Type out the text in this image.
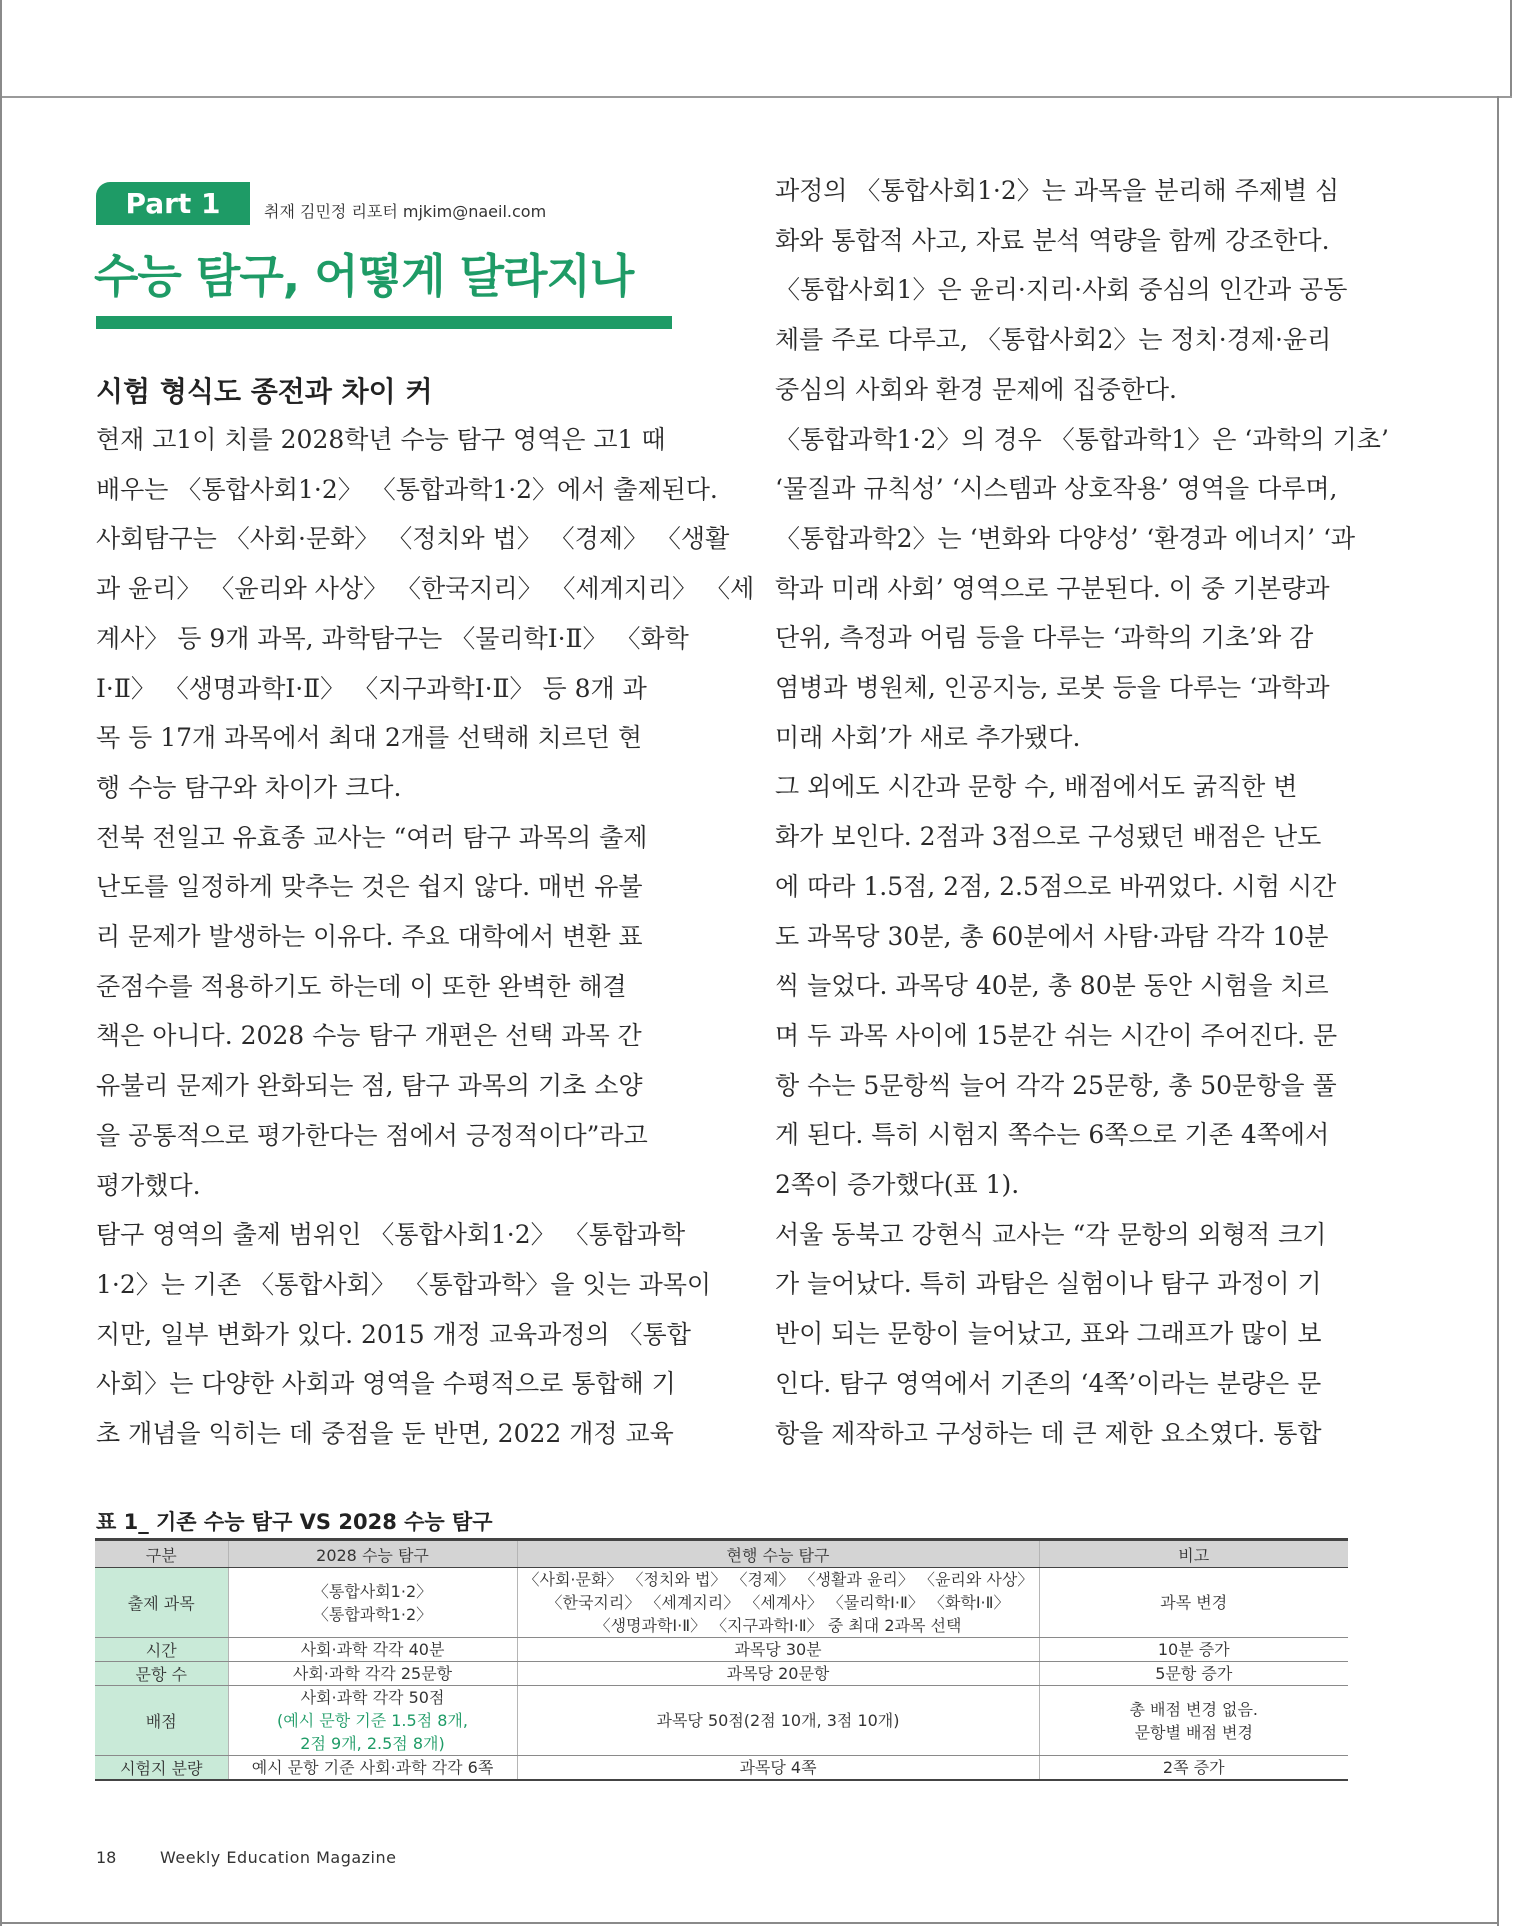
Part 1	취재 김민정 리포터 mjkim@naeil.com
수능 탐구, 어떻게 달라지나
시험 형식도 종전과 차이 커

현재 고1이 치를 2028학년 수능 탐구 영역은 고1 때

배우는 〈통합사회1·2〉 〈통합과학1·2〉에서 출제된다.

사회탐구는 〈사회·문화〉 〈정치와 법〉 〈경제〉 〈생활

과 윤리〉 〈윤리와 사상〉 〈한국지리〉 〈세계지리〉 〈세

계사〉 등 9개 과목, 과학탐구는 〈물리학Ⅰ·Ⅱ〉 〈화학

Ⅰ·Ⅱ〉 〈생명과학Ⅰ·Ⅱ〉 〈지구과학Ⅰ·Ⅱ〉 등 8개 과

목 등 17개 과목에서 최대 2개를 선택해 치르던 현

행 수능 탐구와 차이가 크다.

전북 전일고 유효종 교사는 “여러 탐구 과목의 출제

난도를 일정하게 맞추는 것은 쉽지 않다. 매번 유불

리 문제가 발생하는 이유다. 주요 대학에서 변환 표

준점수를 적용하기도 하는데 이 또한 완벽한 해결

책은 아니다. 2028 수능 탐구 개편은 선택 과목 간

유불리 문제가 완화되는 점, 탐구 과목의 기초 소양

을 공통적으로 평가한다는 점에서 긍정적이다”라고

평가했다.

탐구 영역의 출제 범위인 〈통합사회1·2〉 〈통합과학

1·2〉는 기존 〈통합사회〉 〈통합과학〉을 잇는 과목이

지만, 일부 변화가 있다. 2015 개정 교육과정의 〈통합

사회〉는 다양한 사회과 영역을 수평적으로 통합해 기

초 개념을 익히는 데 중점을 둔 반면, 2022 개정 교육

과정의 〈통합사회1·2〉는 과목을 분리해 주제별 심

화와 통합적 사고, 자료 분석 역량을 함께 강조한다.

〈통합사회1〉은 윤리·지리·사회 중심의 인간과 공동

체를 주로 다루고, 〈통합사회2〉는 정치·경제·윤리

중심의 사회와 환경 문제에 집중한다.

〈통합과학1·2〉의 경우 〈통합과학1〉은 ‘과학의 기초’

‘물질과 규칙성’ ‘시스템과 상호작용’ 영역을 다루며,

〈통합과학2〉는 ‘변화와 다양성’ ‘환경과 에너지’ ‘과

학과 미래 사회’ 영역으로 구분된다. 이 중 기본량과

단위, 측정과 어림 등을 다루는 ‘과학의 기초’와 감

염병과 병원체, 인공지능, 로봇 등을 다루는 ‘과학과

미래 사회’가 새로 추가됐다.

그 외에도 시간과 문항 수, 배점에서도 굵직한 변

화가 보인다. 2점과 3점으로 구성됐던 배점은 난도

에 따라 1.5점, 2점, 2.5점으로 바뀌었다. 시험 시간

도 과목당 30분, 총 60분에서 사탐·과탐 각각 10분

씩 늘었다. 과목당 40분, 총 80분 동안 시험을 치르

며 두 과목 사이에 15분간 쉬는 시간이 주어진다. 문

항 수는 5문항씩 늘어 각각 25문항, 총 50문항을 풀

게 된다. 특히 시험지 쪽수는 6쪽으로 기존 4쪽에서

2쪽이 증가했다(표 1).

서울 동북고 강현식 교사는 “각 문항의 외형적 크기

가 늘어났다. 특히 과탐은 실험이나 탐구 과정이 기

반이 되는 문항이 늘어났고, 표와 그래프가 많이 보

인다. 탐구 영역에서 기존의 ‘4쪽’이라는 분량은 문

항을 제작하고 구성하는 데 큰 제한 요소였다. 통합

표 1_ 기존 수능 탐구 VS 2028 수능 탐구
구분	2028 수능 탐구	현행 수능 탐구	비고
출제 과목	〈통합사회1·2〉
〈통합과학1·2〉	〈사회·문화〉 〈정치와 법〉 〈경제〉 〈생활과 윤리〉 〈윤리와 사상〉
〈한국지리〉 〈세계지리〉 〈세계사〉 〈물리학Ⅰ·Ⅱ〉 〈화학Ⅰ·Ⅱ〉
〈생명과학Ⅰ·Ⅱ〉 〈지구과학Ⅰ·Ⅱ〉 중 최대 2과목 선택	과목 변경

시간	사회·과학 각각 40분	과목당 30분	10분 증가

문항 수	사회·과학 각각 25문항	과목당 20문항	5문항 증가

배점	사회·과학 각각 50점
(예시 문항 기준 1.5점 8개,
2점 9개, 2.5점 8개)	과목당 50점(2점 10개, 3점 10개)	총 배점 변경 없음.
문항별 배점 변경

시험지 분량	예시 문항 기준 사회·과학 각각 6쪽	과목당 4쪽	2쪽 증가
18	Weekly Education Magazine
